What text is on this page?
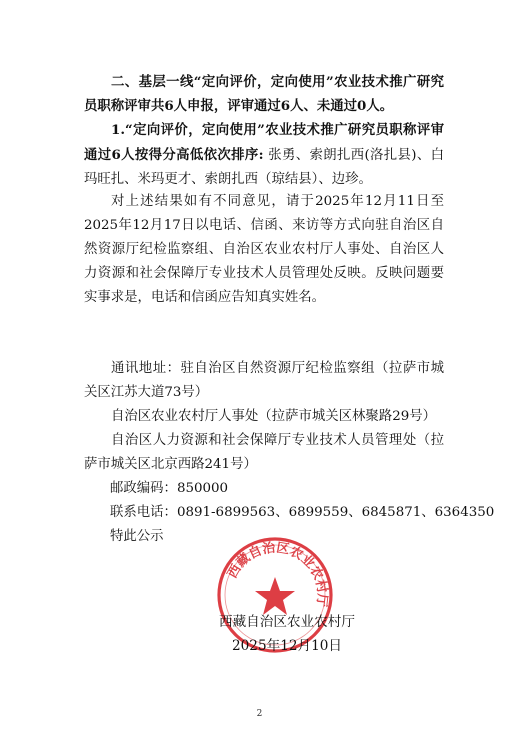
二、基层一线“定向评价，定向使用”农业技术推广研究员职称评审共6人申报，评审通过6人、未通过0人。

1.“定向评价，定向使用”农业技术推广研究员职称评审通过6人按得分高低依次排序: 张勇、索朗扎西(洛扎县)、白玛旺扎、米玛更才、索朗扎西（琼结县）、边珍。

对上述结果如有不同意见，请于2025年12月11日至2025年12月17日以电话、信函、来访等方式向驻自治区自然资源厅纪检监察组、自治区农业农村厅人事处、自治区人力资源和社会保障厅专业技术人员管理处反映。反映问题要实事求是，电话和信函应告知真实姓名。

通讯地址：驻自治区自然资源厅纪检监察组（拉萨市城关区江苏大道73号）

自治区农业农村厅人事处（拉萨市城关区林聚路29号）

自治区人力资源和社会保障厅专业技术人员管理处（拉萨市城关区北京西路241号）

邮政编码：850000
联系电话：0891-6899563、6899559、6845871、6364350
特此公示
西藏自治区农业农村厅
西藏自治区农业农村厅
2025年12月10日
2
